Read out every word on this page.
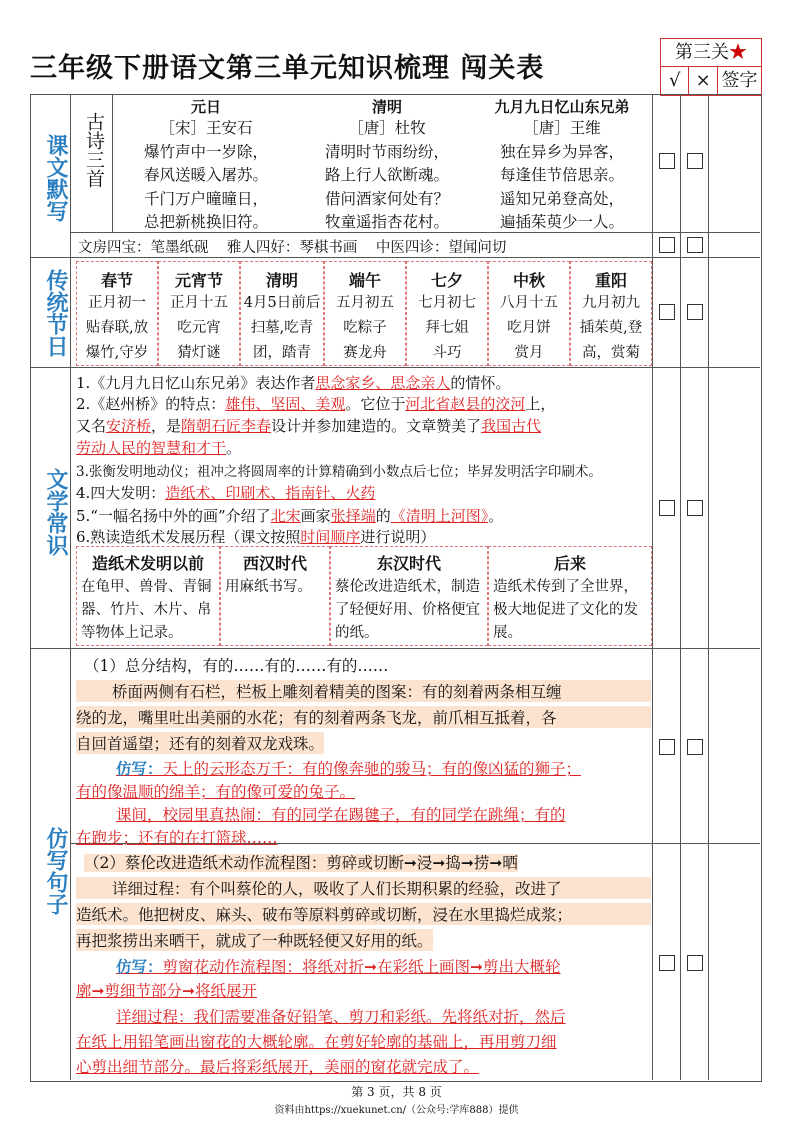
三年级下册语文第三单元知识梳理 闯关表
第三关★
√ × 签字
课文默写
传统节日
文学常识
仿写句子
古诗三首
元日
［宋］王安石
爆竹声中一岁除，
春风送暖入屠苏。
千门万户曈曈日，
总把新桃换旧符。
清明
［唐］杜牧
清明时节雨纷纷，
路上行人欲断魂。
借问酒家何处有？
牧童遥指杏花村。
九月九日忆山东兄弟
［唐］王维
独在异乡为异客，
每逢佳节倍思亲。
遥知兄弟登高处，
遍插茱萸少一人。
文房四宝：笔墨纸砚    雅人四好：琴棋书画    中医四诊：望闻问切
春节
正月初一
贴春联,放
爆竹,守岁
元宵节
正月十五
吃元宵
猜灯谜
清明
4月5日前后
扫墓,吃青
团，踏青
端午
五月初五
吃粽子
赛龙舟
七夕
七月初七
拜七姐
斗巧
中秋
八月十五
吃月饼
赏月
重阳
九月初九
插茱萸,登
高，赏菊
1.《九月九日忆山东兄弟》表达作者思念家乡、思念亲人的情怀。
2.《赵州桥》的特点：雄伟、坚固、美观。它位于河北省赵县的洨河上，
又名安济桥，是隋朝石匠李春设计并参加建造的。文章赞美了我国古代
劳动人民的智慧和才干。
3.张衡发明地动仪；祖冲之将圆周率的计算精确到小数点后七位；毕昇发明活字印刷术。
4.四大发明：造纸术、印刷术、指南针、火药
5.“一幅名扬中外的画”介绍了北宋画家张择端的《清明上河图》。
6.熟读造纸术发展历程（课文按照时间顺序进行说明）
造纸术发明以前
在龟甲、兽骨、青铜器、竹片、木片、帛等物体上记录。
西汉时代
用麻纸书写。
东汉时代
蔡伦改进造纸术，制造了轻便好用、价格便宜的纸。
后来
造纸术传到了全世界，极大地促进了文化的发展。
（1）总分结构，有的……有的……有的……
桥面两侧有石栏，栏板上雕刻着精美的图案：有的刻着两条相互缠
绕的龙，嘴里吐出美丽的水花；有的刻着两条飞龙，前爪相互抵着，各
自回首遥望；还有的刻着双龙戏珠。
仿写：天上的云形态万千：有的像奔驰的骏马；有的像凶猛的狮子；
有的像温顺的绵羊；有的像可爱的兔子。
课间，校园里真热闹：有的同学在踢毽子，有的同学在跳绳；有的
在跑步；还有的在打篮球……
（2）蔡伦改进造纸术动作流程图：剪碎或切断➞浸➞捣➞捞➞晒
详细过程：有个叫蔡伦的人，吸收了人们长期积累的经验，改进了
造纸术。他把树皮、麻头、破布等原料剪碎或切断，浸在水里捣烂成浆；
再把浆捞出来晒干，就成了一种既轻便又好用的纸。
仿写：剪窗花动作流程图：将纸对折➞在彩纸上画图➞剪出大概轮
廓➞剪细节部分➞将纸展开
详细过程：我们需要准备好铅笔、剪刀和彩纸。先将纸对折，然后
在纸上用铅笔画出窗花的大概轮廓。在剪好轮廓的基础上，再用剪刀细
心剪出细节部分。最后将彩纸展开，美丽的窗花就完成了。
第 3 页，共 8 页
资料由https://xuekunet.cn/（公众号:学库888）提供
